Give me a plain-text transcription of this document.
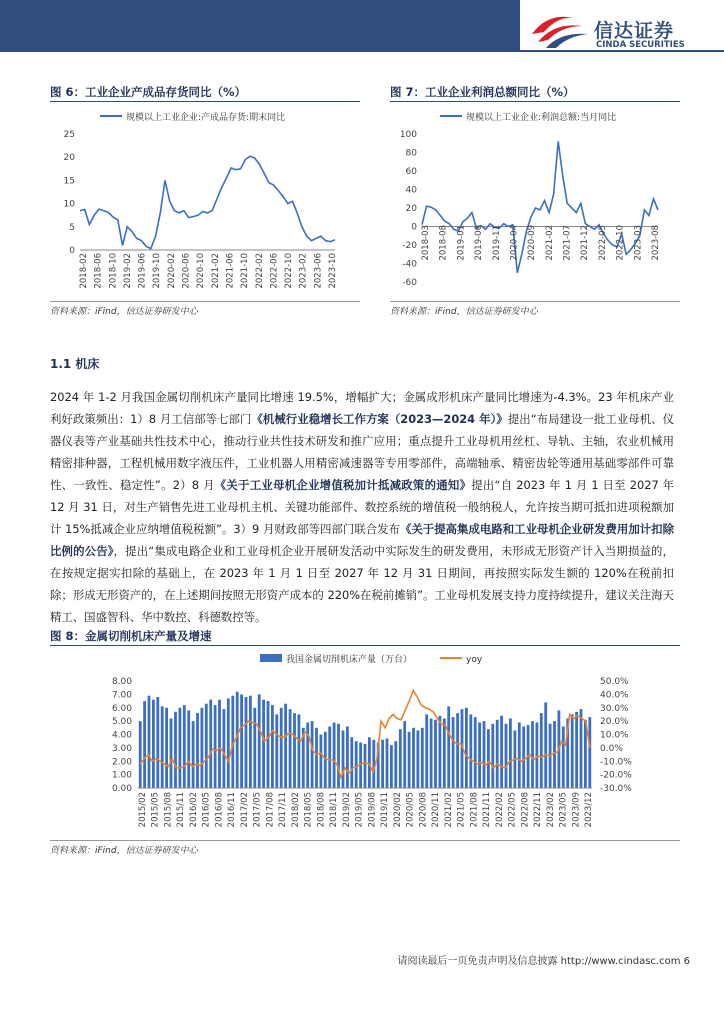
信达证券
CINDA SECURITIES
图 6：工业企业产成品存货同比（%）
规模以上工业企业:产成品存货:期末同比
25
20
15
10
5
0
2018-02 2018-06 2018-10 2019-02 2019-06 2019-10 2020-02 2020-06 2020-10 2021-02 2021-06 2021-10 2022-02 2022-06 2022-10 2023-02 2023-06 2023-10
资料来源：iFind，信达证券研发中心
图 7：工业企业利润总额同比（%）
规模以上工业企业:利润总额:当月同比
100
80
60
40
20
0
-20
-40
-60
2018-03 2018-08 2019-01 2019-06 2019-11 2020-04 2020-09 2021-02 2021-07 2021-12 2022-05 2022-10 2023-03 2023-08
资料来源：iFind，信达证券研发中心
1.1 机床
2024 年 1-2 月我国金属切削机床产量同比增速 19.5%，增幅扩大；金属成形机床产量同比增速为-4.3%。23 年机床产业利好政策频出：1）8 月工信部等七部门《机械行业稳增长工作方案（2023—2024 年）》提出“布局建设一批工业母机、仪器仪表等产业基础共性技术中心，推动行业共性技术研发和推广应用；重点提升工业母机用丝杠、导轨、主轴，农业机械用精密排种器，工程机械用数字液压件，工业机器人用精密减速器等专用零部件，高端轴承、精密齿轮等通用基础零部件可靠性、一致性、稳定性”。2）8 月《关于工业母机企业增值税加计抵减政策的通知》提出“自 2023 年 1 月 1 日至 2027 年 12 月 31 日，对生产销售先进工业母机主机、关键功能部件、数控系统的增值税一般纳税人，允许按当期可抵扣进项税额加计 15%抵减企业应纳增值税税额”。3）9 月财政部等四部门联合发布《关于提高集成电路和工业母机企业研发费用加计扣除比例的公告》，提出“集成电路企业和工业母机企业开展研发活动中实际发生的研发费用，未形成无形资产计入当期损益的，在按规定据实扣除的基础上，在 2023 年 1 月 1 日至 2027 年 12 月 31 日期间，再按照实际发生额的 120%在税前扣除；形成无形资产的，在上述期间按照无形资产成本的 220%在税前摊销”。工业母机发展支持力度持续提升，建议关注海天精工、国盛智科、华中数控、科德数控等。
图 8：金属切削机床产量及增速
我国金属切削机床产量（万台）	yoy
8.00
7.00
6.00
5.00
4.00
3.00
2.00
1.00
0.00
50.0%
40.0%
30.0%
20.0%
10.0%
0.0%
-10.0%
-20.0%
-30.0%
2015/02 2015/05 2015/08 2015/11 2016/02 2016/05 2016/08 2016/11 2017/02 2017/05 2017/08 2017/11 2018/02 2018/05 2018/08 2018/11 2019/02 2019/05 2019/08 2019/11 2020/02 2020/05 2020/08 2020/11 2021/02 2021/05 2021/08 2021/11 2022/02 2022/05 2022/08 2022/11 2023/02 2023/05 2023/09 2023/12
资料来源：iFind，信达证券研发中心
请阅读最后一页免责声明及信息披露 http://www.cindasc.com 6
